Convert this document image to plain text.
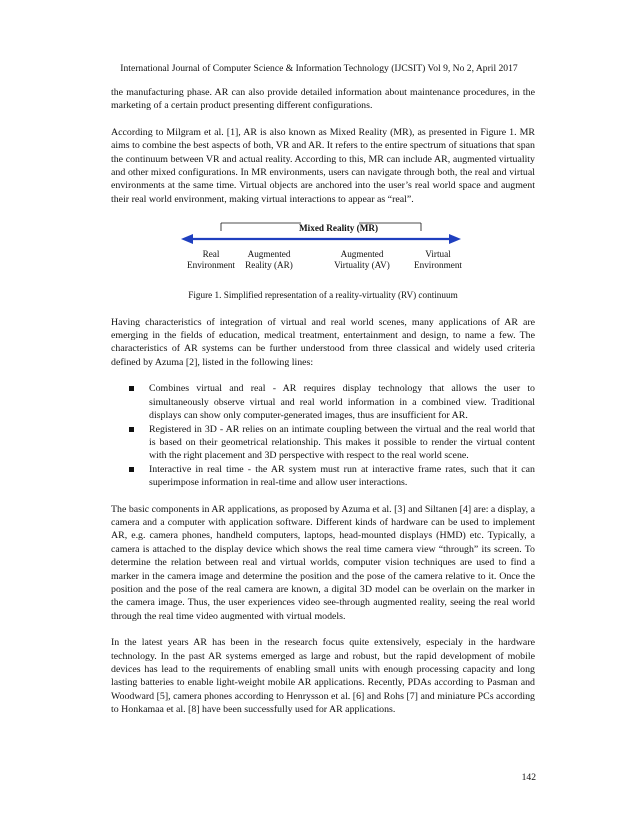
International Journal of Computer Science & Information Technology (IJCSIT) Vol 9, No 2, April 2017

the manufacturing phase. AR can also provide detailed information about maintenance procedures, in the marketing of a certain product presenting different configurations.

According to Milgram et al. [1], AR is also known as Mixed Reality (MR), as presented in Figure 1. MR aims to combine the best aspects of both, VR and AR. It refers to the entire spectrum of situations that span the continuum between VR and actual reality. According to this, MR can include AR, augmented virtuality and other mixed configurations. In MR environments, users can navigate through both, the real and virtual environments at the same time. Virtual objects are anchored into the user’s real world space and augment their real world environment, making virtual interactions to appear as “real”.

Mixed Reality (MR)
Real
Environment
Augmented
Reality (AR)
Augmented
Virtuality (AV)
Virtual
Environment
Figure 1. Simplified representation of a reality-virtuality (RV) continuum

Having characteristics of integration of virtual and real world scenes, many applications of AR are emerging in the fields of education, medical treatment, entertainment and design, to name a few. The characteristics of AR systems can be further understood from three classical and widely used criteria defined by Azuma [2], listed in the following lines:

Combines virtual and real - AR requires display technology that allows the user to simultaneously observe virtual and real world information in a combined view. Traditional displays can show only computer-generated images, thus are insufficient for AR.
Registered in 3D - AR relies on an intimate coupling between the virtual and the real world that is based on their geometrical relationship. This makes it possible to render the virtual content with the right placement and 3D perspective with respect to the real world scene.
Interactive in real time - the AR system must run at interactive frame rates, such that it can superimpose information in real-time and allow user interactions.

The basic components in AR applications, as proposed by Azuma et al. [3] and Siltanen [4] are: a display, a camera and a computer with application software. Different kinds of hardware can be used to implement AR, e.g. camera phones, handheld computers, laptops, head-mounted displays (HMD) etc. Typically, a camera is attached to the display device which shows the real time camera view “through” its screen. To determine the relation between real and virtual worlds, computer vision techniques are used to find a marker in the camera image and determine the position and the pose of the camera relative to it. Once the position and the pose of the real camera are known, a digital 3D model can be overlain on the marker in the camera image. Thus, the user experiences video see-through augmented reality, seeing the real world through the real time video augmented with virtual models.

In the latest years AR has been in the research focus quite extensively, especialy in the hardware technology. In the past AR systems emerged as large and robust, but the rapid development of mobile devices has lead to the requirements of enabling small units with enough processing capacity and long lasting batteries to enable light-weight mobile AR applications. Recently, PDAs according to Pasman and Woodward [5], camera phones according to Henrysson et al. [6] and Rohs [7] and miniature PCs according to Honkamaa et al. [8] have been successfully used for AR applications.

142
